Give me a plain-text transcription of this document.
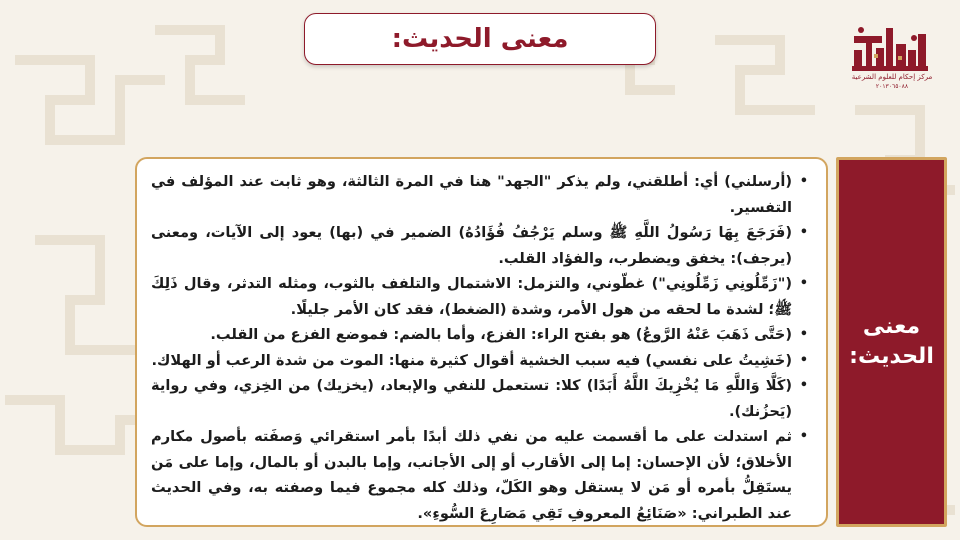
معنى الحديث:
مركز إحكام للعلوم الشرعية
٢٠١٣٠٦٥٠٨٨
•
(أرسلني) أي: أطلقني، ولم يذكر "الجهد" هنا في المرة الثالثة، وهو ثابت عند المؤلف في التفسير.
•
(فَرَجَعَ بِهَا رَسُولُ اللَّهِ ﷺ وسلم يَرْجُفُ فُؤَادُهُ) الضمير في (بها) يعود إلى الآيات، ومعنى (يرجف): يخفق ويضطرب، والفؤاد القلب.
•
("زَمِّلُونِي زَمِّلُونِي") غطّوني، والتزمل: الاشتمال والتلفف بالثوب، ومثله التدثر، وقال ذَلِكَ ﷺ؛ لشدة ما لحقه من هول الأمر، وشدة (الضغط)، فقد كان الأمر جليلًا.
•
(حَتَّى ذَهَبَ عَنْهُ الرَّوعُ) هو بفتح الراء: الفزع، وأما بالضم: فموضع الفزع من القلب.
•
(خَشِيتُ على نفسي) فيه سبب الخشية أقوال كثيرة منها: الموت من شدة الرعب أو الهلاك.
•
(كَلَّا وَاللَّهِ مَا يُخْزِيكَ اللَّهُ أَبَدًا) كلا: تستعمل للنفي والإبعاد، (يخزيك) من الخِزي، وفي رواية (يَحزُنك).
•
ثم استدلت على ما أقسمت عليه من نفي ذلك أبدًا بأمر استقرائي وَصفَته بأصول مكارم الأخلاق؛ لأن الإحسان: إما إلى الأقارب أو إلى الأجانب، وإما بالبدن أو بالمال، وإما على مَن يستَقِلُّ بأمره أو مَن لا يستقل وهو الكَلّ، وذلك كله مجموع فيما وصفته به، وفي الحديث عند الطبراني: «صَنَائِعُ المعروفِ تَقِي مَصَارِعَ السُّوءِ».
معنى
الحديث:
